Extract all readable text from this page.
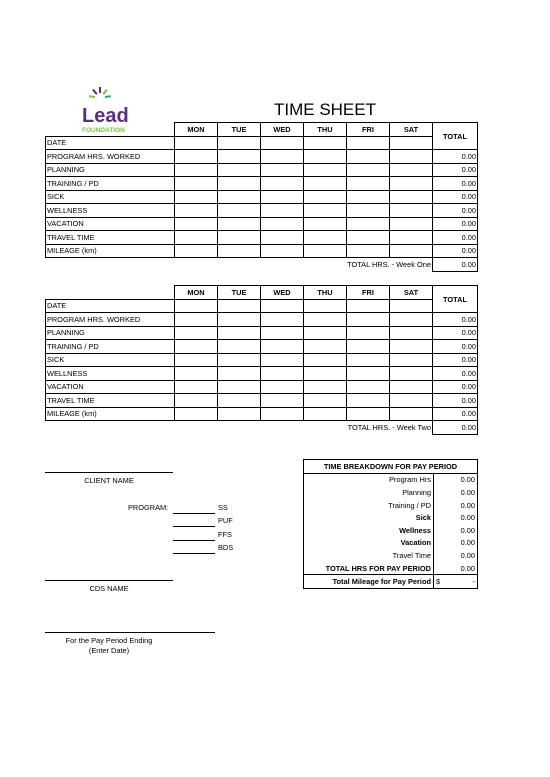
Lead
FOUNDATION
TIME SHEET
	MON	TUE	WED	THU	FRI	SAT	TOTAL
DATE							
PROGRAM HRS. WORKED							0.00
PLANNING							0.00
TRAINING / PD							0.00
SICK							0.00
WELLNESS							0.00
VACATION							0.00
TRAVEL TIME							0.00
MILEAGE (km)							0.00
TOTAL HRS. - Week One							0.00
	MON	TUE	WED	THU	FRI	SAT	TOTAL
DATE							
PROGRAM HRS. WORKED							0.00
PLANNING							0.00
TRAINING / PD							0.00
SICK							0.00
WELLNESS							0.00
VACATION							0.00
TRAVEL TIME							0.00
MILEAGE (km)							0.00
TOTAL HRS. - Week Two							0.00
CLIENT NAME
PROGRAM:	SS
PUF
FFS
BDS
CDS NAME
For the Pay Period Ending
(Enter Date)
TIME BREAKDOWN FOR PAY PERIOD	
Program Hrs	0.00
Planning	0.00
Training / PD	0.00
Sick	0.00
Wellness	0.00
Vacation	0.00
Travel Time	0.00
TOTAL HRS FOR PAY PERIOD	0.00
Total Mileage for Pay Period	$ -
